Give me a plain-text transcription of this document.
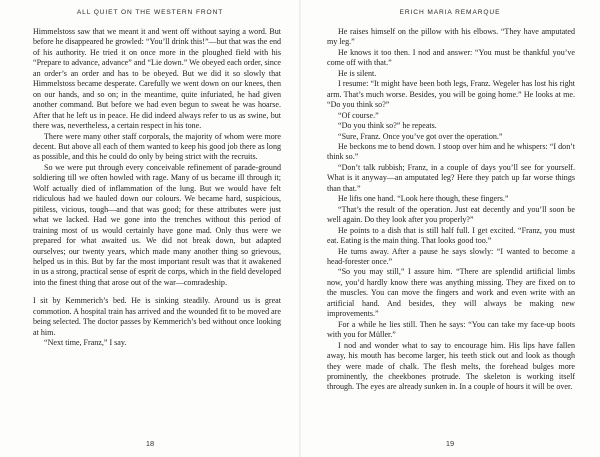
ALL QUIET ON THE WESTERN FRONT

Himmelstoss saw that we meant it and went off without saying a word. But before he disappeared he growled: “You’ll drink this!”—but that was the end of his authority. He tried it on once more in the ploughed field with his “Prepare to advance, advance” and “Lie down.” We obeyed each order, since an order’s an order and has to be obeyed. But we did it so slowly that Himmelstoss became desperate. Carefully we went down on our knees, then on our hands, and so on; in the meantime, quite infuriated, he had given another command. But before we had even begun to sweat he was hoarse. After that he left us in peace. He did indeed always refer to us as swine, but there was, nevertheless, a certain respect in his tone.

There were many other staff corporals, the majority of whom were more decent. But above all each of them wanted to keep his good job there as long as possible, and this he could do only by being strict with the recruits.

So we were put through every conceivable refinement of parade-ground soldiering till we often howled with rage. Many of us became ill through it; Wolf actually died of inflammation of the lung. But we would have felt ridiculous had we hauled down our colours. We became hard, suspicious, pitiless, vicious, tough—and that was good; for these attributes were just what we lacked. Had we gone into the trenches without this period of training most of us would certainly have gone mad. Only thus were we prepared for what awaited us. We did not break down, but adapted ourselves; our twenty years, which made many another thing so grievous, helped us in this. But by far the most important result was that it awakened in us a strong, practical sense of esprit de corps, which in the field developed into the finest thing that arose out of the war—comradeship.

I sit by Kemmerich’s bed. He is sinking steadily. Around us is great commotion. A hospital train has arrived and the wounded fit to be moved are being selected. The doctor passes by Kemmerich’s bed without once looking at him.

“Next time, Franz,” I say.

18
ERICH MARIA REMARQUE

He raises himself on the pillow with his elbows. “They have amputated my leg.”

He knows it too then. I nod and answer: “You must be thankful you’ve come off with that.”

He is silent.

I resume: “It might have been both legs, Franz. Wegeler has lost his right arm. That’s much worse. Besides, you will be going home.” He looks at me. “Do you think so?”

“Of course.”

“Do you think so?” he repeats.

“Sure, Franz. Once you’ve got over the operation.”

He beckons me to bend down. I stoop over him and he whispers: “I don’t think so.”

“Don’t talk rubbish; Franz, in a couple of days you’ll see for yourself. What is it anyway—an amputated leg? Here they patch up far worse things than that.”

He lifts one hand. “Look here though, these fingers.”

“That’s the result of the operation. Just eat decently and you’ll soon be well again. Do they look after you properly?”

He points to a dish that is still half full. I get excited. “Franz, you must eat. Eating is the main thing. That looks good too.”

He turns away. After a pause he says slowly: “I wanted to become a head-forester once.”

“So you may still,” I assure him. “There are splendid artificial limbs now, you’d hardly know there was anything missing. They are fixed on to the muscles. You can move the fingers and work and even write with an artificial hand. And besides, they will always be making new improvements.”

For a while he lies still. Then he says: “You can take my face-up boots with you for Müller.”

I nod and wonder what to say to encourage him. His lips have fallen away, his mouth has become larger, his teeth stick out and look as though they were made of chalk. The flesh melts, the forehead bulges more prominently, the cheekbones protrude. The skeleton is working itself through. The eyes are already sunken in. In a couple of hours it will be over.

19
